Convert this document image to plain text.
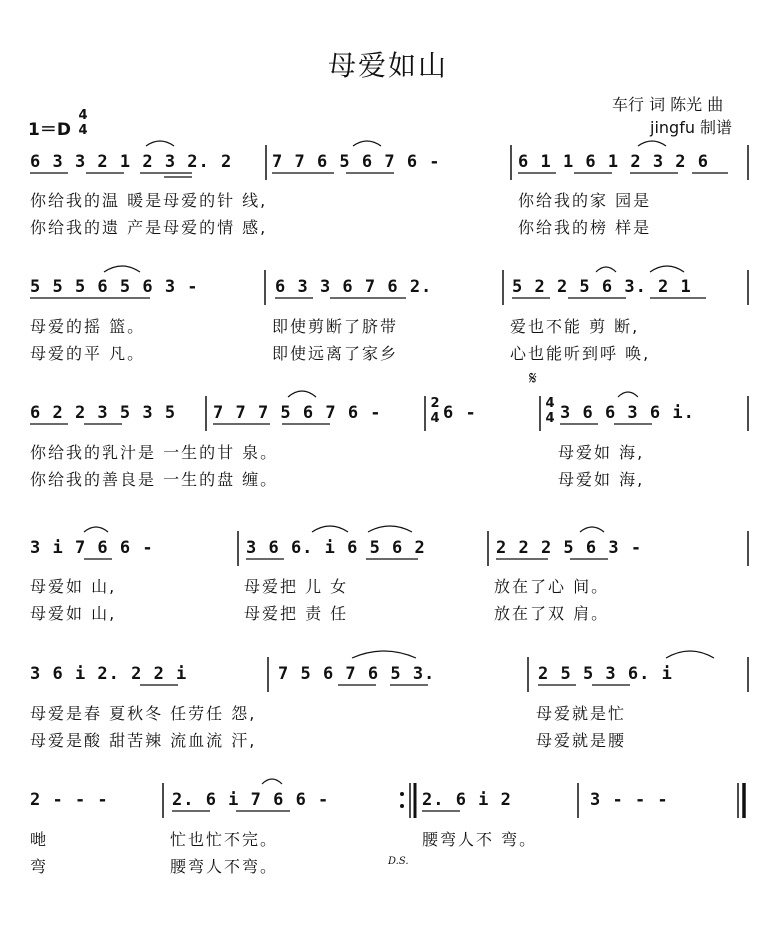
母爱如山
车行 词 陈光 曲
jingfu 制谱
1＝D
4
4
6 3 3 2 1 2 3 2. 2 7 7 6 5 6 7 6 -	6 1 1 6 1 2 3 2 6
你给我的温 暖是母爱的针 线,	你给我的家 园是
你给我的遗 产是母爱的情 感,	你给我的榜 样是
5 5 5 6 5 6 3 -	6 3 3 6 7 6 2.	5 2 2 5 6 3. 2 1
母爱的摇 篮。	即使剪断了脐带	爱也不能 剪 断,
母爱的平 凡。	即使远离了家乡	心也能听到呼 唤,
𝄋
6 2 2 3 5 3 5 7 7 7 5 6 7 6 -	2
4 6 -	4
4 3 6 6 3 6 i.
你给我的乳汁是 一生的甘 泉。	母爱如 海,
你给我的善良是 一生的盘 缠。	母爱如 海,
3 i 7 6 6 -	3 6 6. i 6 5 6 2	2 2 2 5 6 3 -
母爱如 山,	母爱把 儿 女	放在了心 间。
母爱如 山,	母爱把 责 任	放在了双 肩。
3 6 i 2. 2 2 i	7 5 6 7 6 5 3.	2 5 5 3 6. i
母爱是春 夏秋冬 任劳任 怨,	母爱就是忙
母爱是酸 甜苦辣 流血流 汗,	母爱就是腰
2 - - -	2. 6 i 7 6 6 -	2. 6 i 2	3 - - -
哋	忙也忙不完。	腰弯人不 弯。
弯	腰弯人不弯。	D.S.
